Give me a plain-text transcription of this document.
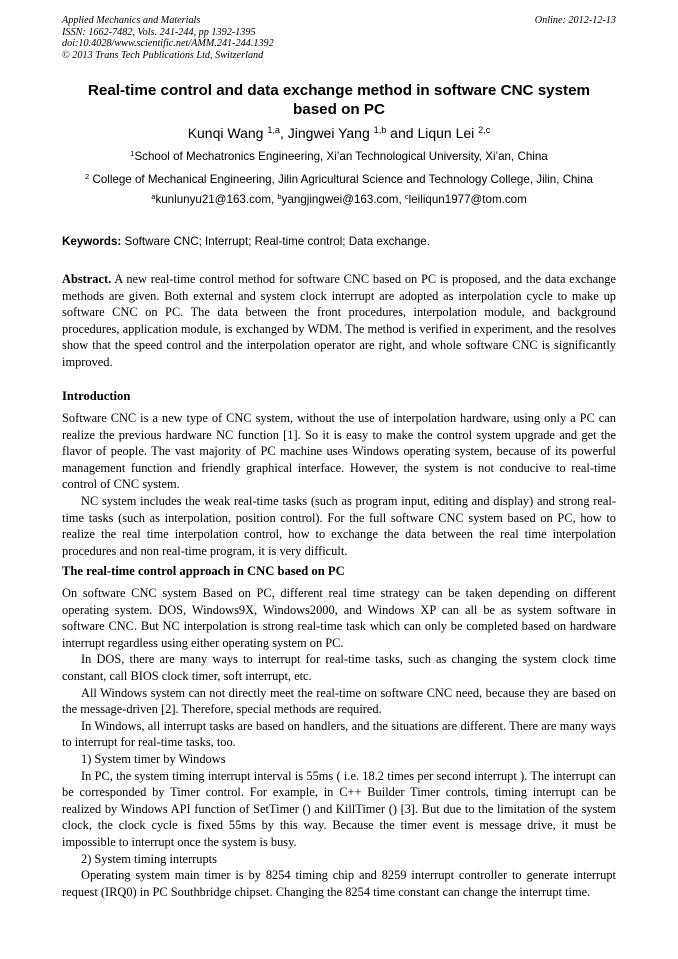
Applied Mechanics and Materials
ISSN: 1662-7482, Vols. 241-244, pp 1392-1395
doi:10.4028/www.scientific.net/AMM.241-244.1392
© 2013 Trans Tech Publications Ltd, Switzerland
Online: 2012-12-13
Real-time control and data exchange method in software CNC system
based on PC
Kunqi Wang $^{1,a}$, Jingwei Yang $^{1,b}$ and Liqun Lei $^{2,c}$
$^1$School of Mechatronics Engineering, Xi’an Technological University, Xi’an, China
$^2$ College of Mechanical Engineering, Jilin Agricultural Science and Technology College, Jilin, China
$^a$kunlunyu21@163.com, $^b$yangjingwei@163.com, $^c$leiliqun1977@tom.com
Keywords: Software CNC; Interrupt; Real-time control; Data exchange.

Abstract. A new real-time control method for software CNC based on PC is proposed, and the data exchange methods are given. Both external and system clock interrupt are adopted as interpolation cycle to make up software CNC on PC. The data between the front procedures, interpolation module, and background procedures, application module, is exchanged by WDM. The method is verified in experiment, and the resolves show that the speed control and the interpolation operator are right, and whole software CNC is significantly improved.

Introduction

Software CNC is a new type of CNC system, without the use of interpolation hardware, using only a PC can realize the previous hardware NC function [1]. So it is easy to make the control system upgrade and get the flavor of people. The vast majority of PC machine uses Windows operating system, because of its powerful management function and friendly graphical interface. However, the system is not conducive to real-time control of CNC system.

NC system includes the weak real-time tasks (such as program input, editing and display) and strong real-time tasks (such as interpolation, position control). For the full software CNC system based on PC, how to realize the real time interpolation control, how to exchange the data between the real time interpolation procedures and non real-time program, it is very difficult.

The real-time control approach in CNC based on PC

On software CNC system Based on PC, different real time strategy can be taken depending on different operating system. DOS, Windows9X, Windows2000, and Windows XP can all be as system software in software CNC. But NC interpolation is strong real-time task which can only be completed based on hardware interrupt regardless using either operating system on PC.

In DOS, there are many ways to interrupt for real-time tasks, such as changing the system clock time constant, call BIOS clock timer, soft interrupt, etc.

All Windows system can not directly meet the real-time on software CNC need, because they are based on the message-driven [2]. Therefore, special methods are required.

In Windows, all interrupt tasks are based on handlers, and the situations are different. There are many ways to interrupt for real-time tasks, too.

1) System timer by Windows

In PC, the system timing interrupt interval is 55ms ( i.e. 18.2 times per second interrupt ). The interrupt can be corresponded by Timer control. For example, in C++ Builder Timer controls, timing interrupt can be realized by Windows API function of SetTimer () and KillTimer () [3]. But due to the limitation of the system clock, the clock cycle is fixed 55ms by this way. Because the timer event is message drive, it must be impossible to interrupt once the system is busy.

2) System timing interrupts

Operating system main timer is by 8254 timing chip and 8259 interrupt controller to generate interrupt request (IRQ0) in PC Southbridge chipset. Changing the 8254 time constant can change the interrupt time.
